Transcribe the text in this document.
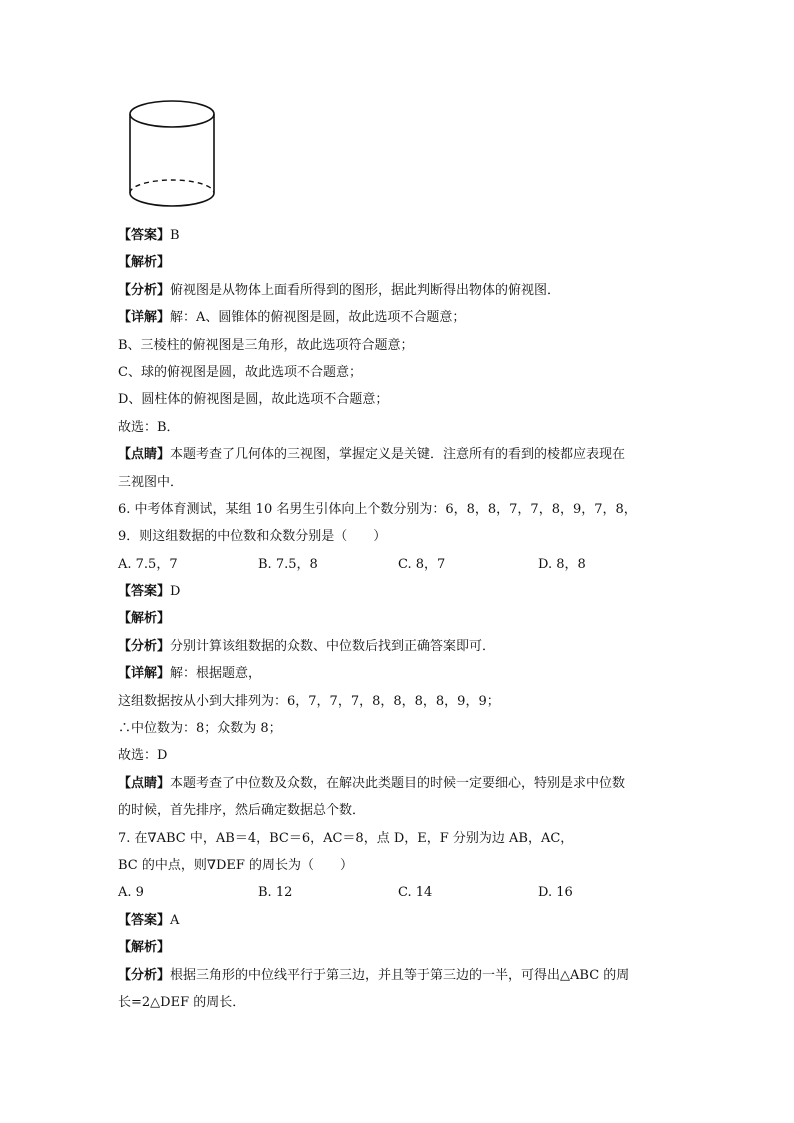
【答案】B
【解析】
【分析】俯视图是从物体上面看所得到的图形，据此判断得出物体的俯视图．
【详解】解：A、圆锥体的俯视图是圆，故此选项不合题意；
B、三棱柱的俯视图是三角形，故此选项符合题意；
C、球的俯视图是圆，故此选项不合题意；
D、圆柱体的俯视图是圆，故此选项不合题意；
故选：B．
【点睛】本题考查了几何体的三视图，掌握定义是关键．注意所有的看到的棱都应表现在
三视图中．
6. 中考体育测试，某组 10 名男生引体向上个数分别为：6，8，8，7，7，8，9，7，8，
9．则这组数据的中位数和众数分别是（　　）
A. 7.5，7	B. 7.5，8	C. 8，7	D. 8，8
【答案】D
【解析】
【分析】分别计算该组数据的众数、中位数后找到正确答案即可．
【详解】解：根据题意，
这组数据按从小到大排列为：6，7，7，7，8，8，8，8，9，9；
∴中位数为：8；众数为 8；
故选：D
【点睛】本题考查了中位数及众数，在解决此类题目的时候一定要细心，特别是求中位数
的时候，首先排序，然后确定数据总个数．
7. 在∇ABC 中，AB＝4，BC＝6，AC＝8，点 D，E，F 分别为边 AB，AC，
BC 的中点，则∇DEF 的周长为（　　）
A. 9	B. 12	C. 14	D. 16
【答案】A
【解析】
【分析】根据三角形的中位线平行于第三边，并且等于第三边的一半，可得出△ABC 的周
长=2△DEF 的周长．
